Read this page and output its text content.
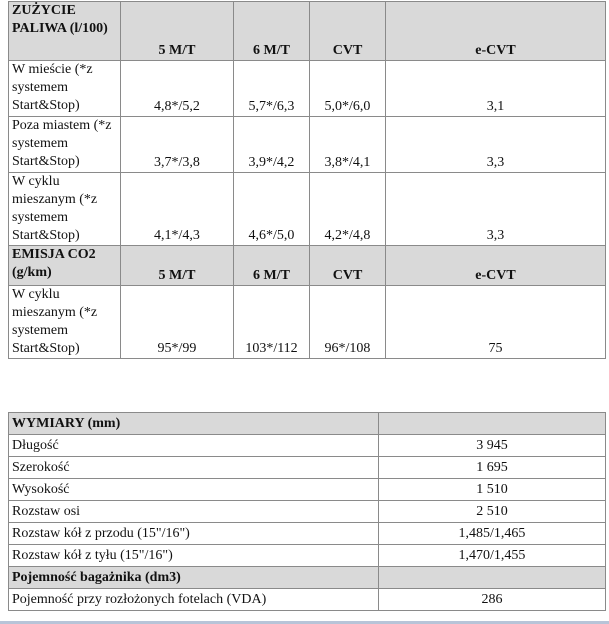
ZUŻYCIE PALIWA (l/100)	5 M/T	6 M/T	CVT	e-CVT
W mieście (*z systemem Start&Stop)	4,8*/5,2	5,7*/6,3	5,0*/6,0	3,1
Poza miastem (*z systemem Start&Stop)	3,7*/3,8	3,9*/4,2	3,8*/4,1	3,3
W cyklu mieszanym (*z systemem Start&Stop)	4,1*/4,3	4,6*/5,0	4,2*/4,8	3,3
EMISJA CO2 (g/km)	5 M/T	6 M/T	CVT	e-CVT
W cyklu mieszanym (*z systemem Start&Stop)	95*/99	103*/112	96*/108	75
WYMIARY (mm)	
Długość	3 945
Szerokość	1 695
Wysokość	1 510
Rozstaw osi	2 510
Rozstaw kół z przodu (15"/16")	1,485/1,465
Rozstaw kół z tyłu (15"/16")	1,470/1,455
Pojemność bagażnika (dm3)	
Pojemność przy rozłożonych fotelach (VDA)	286
